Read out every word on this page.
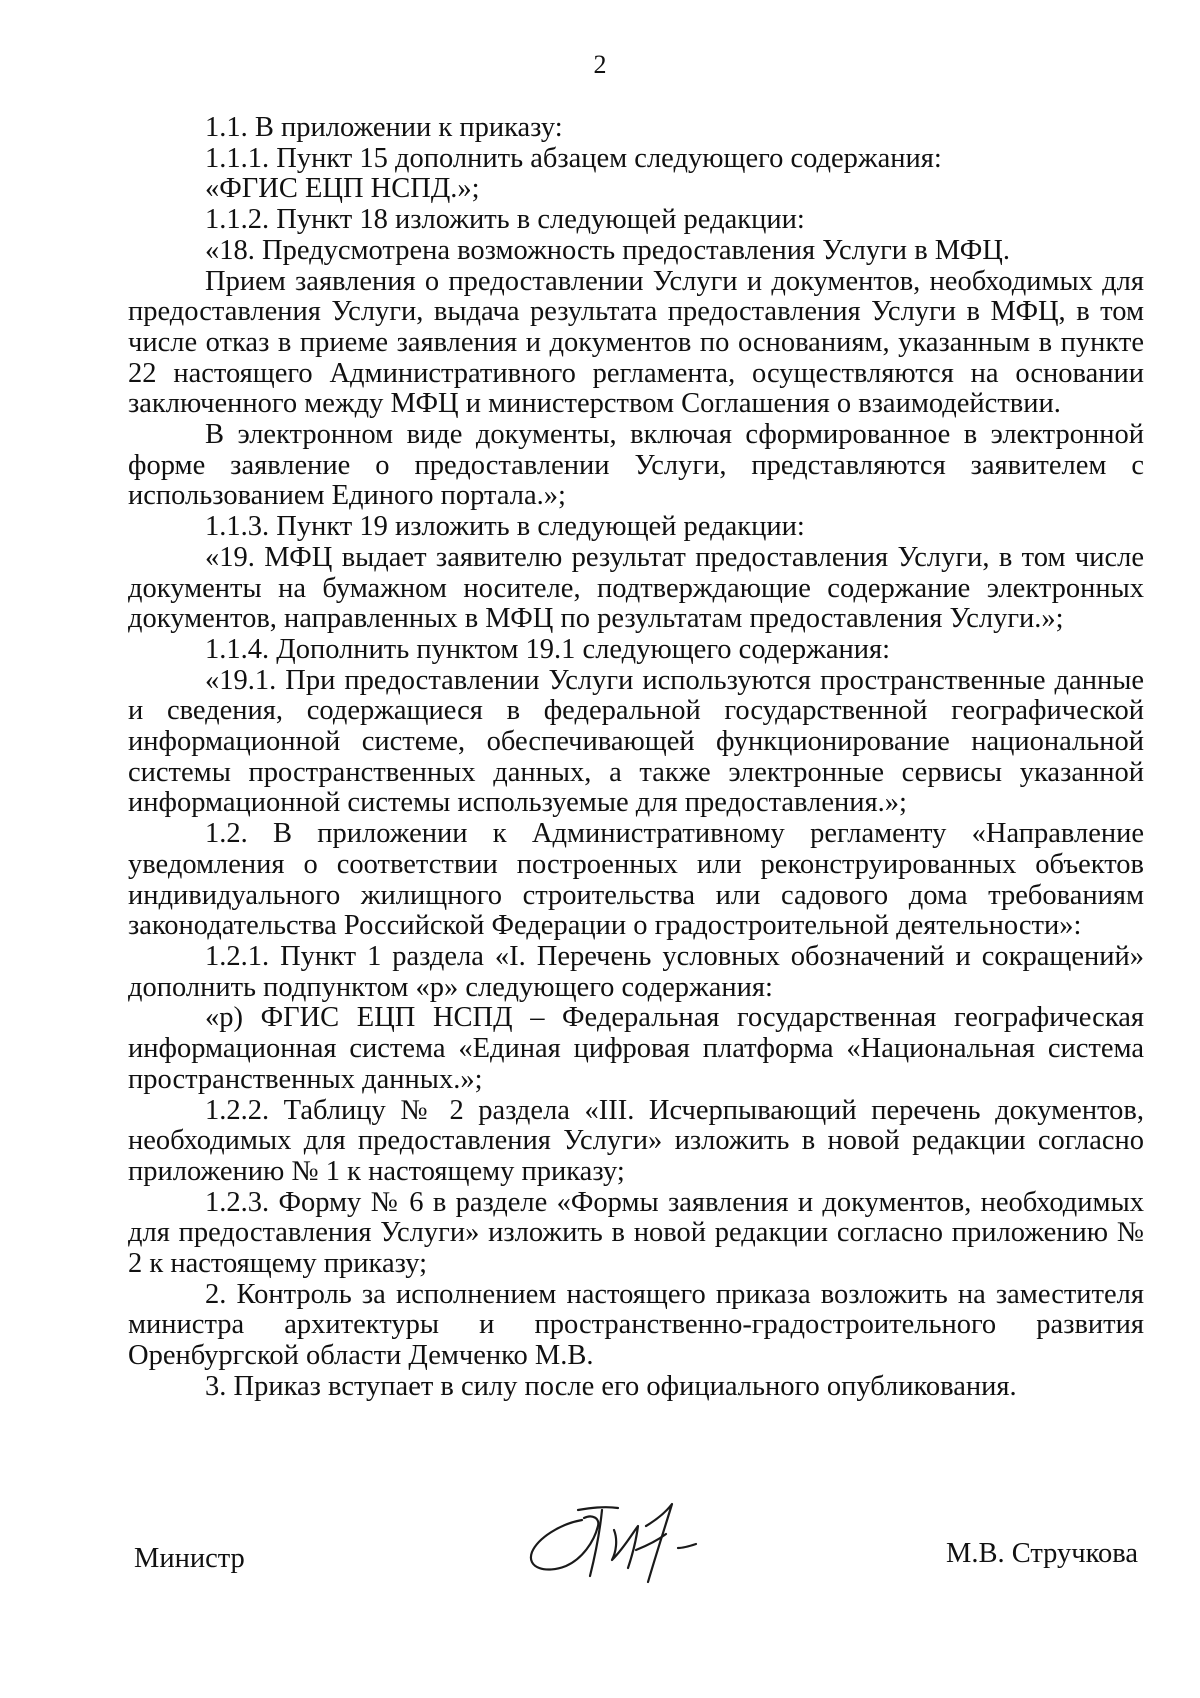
2

1.1. В приложении к приказу:

1.1.1. Пункт 15 дополнить абзацем следующего содержания:

«ФГИС ЕЦП НСПД.»;

1.1.2. Пункт 18 изложить в следующей редакции:

«18. Предусмотрена возможность предоставления Услуги в МФЦ.

Прием заявления о предоставлении Услуги и документов, необходимых для предоставления Услуги, выдача результата предоставления Услуги в МФЦ, в том числе отказ в приеме заявления и документов по основаниям, указанным в пункте 22 настоящего Административного регламента, осуществляются на основании заключенного между МФЦ и министерством Соглашения о взаимодействии.

В электронном виде документы, включая сформированное в электронной форме заявление о предоставлении Услуги, представляются заявителем с использованием Единого портала.»;

1.1.3. Пункт 19 изложить в следующей редакции:

«19. МФЦ выдает заявителю результат предоставления Услуги, в том числе документы на бумажном носителе, подтверждающие содержание электронных документов, направленных в МФЦ по результатам предоставления Услуги.»;

1.1.4. Дополнить пунктом 19.1 следующего содержания:

«19.1. При предоставлении Услуги используются пространственные данные и сведения, содержащиеся в федеральной государственной географической информационной системе, обеспечивающей функционирование национальной системы пространственных данных, а также электронные сервисы указанной информационной системы используемые для предоставления.»;

1.2. В приложении к Административному регламенту «Направление уведомления о соответствии построенных или реконструированных объектов индивидуального жилищного строительства или садового дома требованиям законодательства Российской Федерации о градостроительной деятельности»:

1.2.1. Пункт 1 раздела «I. Перечень условных обозначений и сокращений» дополнить подпунктом «р» следующего содержания:

«р) ФГИС ЕЦП НСПД – Федеральная государственная географическая информационная система «Единая цифровая платформа «Национальная система пространственных данных.»;

1.2.2. Таблицу № 2 раздела «III. Исчерпывающий перечень документов, необходимых для предоставления Услуги» изложить в новой редакции согласно приложению № 1 к настоящему приказу;

1.2.3. Форму № 6 в разделе «Формы заявления и документов, необходимых для предоставления Услуги» изложить в новой редакции согласно приложению № 2 к настоящему приказу;

2. Контроль за исполнением настоящего приказа возложить на заместителя министра архитектуры и пространственно-градостроительного развития Оренбургской области Демченко М.В.

3. Приказ вступает в силу после его официального опубликования.

Министр	М.В. Стручкова
